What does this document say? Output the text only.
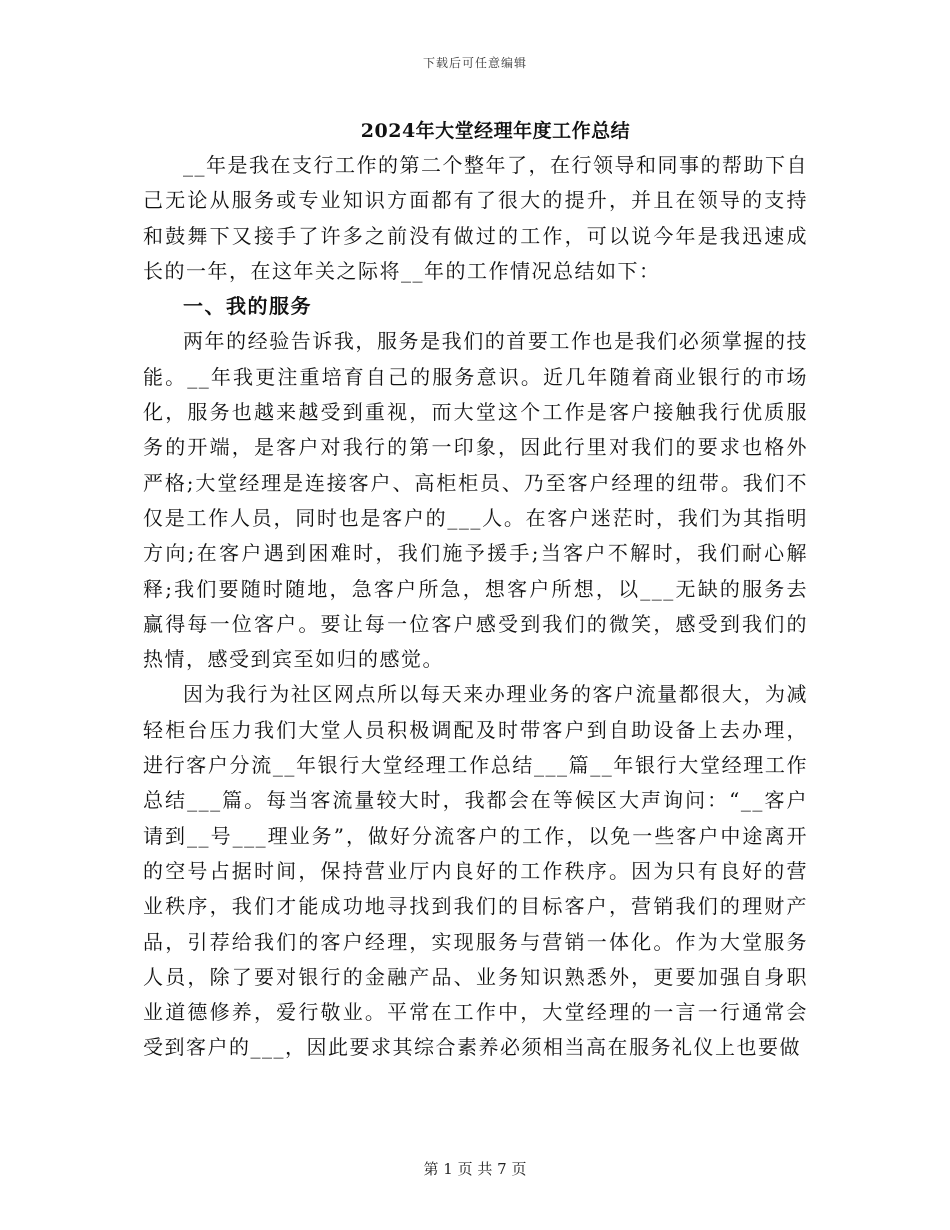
下载后可任意编辑
2024年大堂经理年度工作总结

__年是我在支行工作的第二个整年了，在行领导和同事的帮助下自己无论从服务或专业知识方面都有了很大的提升，并且在领导的支持和鼓舞下又接手了许多之前没有做过的工作，可以说今年是我迅速成长的一年，在这年关之际将__年的工作情况总结如下：

一、我的服务

两年的经验告诉我，服务是我们的首要工作也是我们必须掌握的技能。__年我更注重培育自己的服务意识。近几年随着商业银行的市场化，服务也越来越受到重视，而大堂这个工作是客户接触我行优质服务的开端，是客户对我行的第一印象，因此行里对我们的要求也格外严格;大堂经理是连接客户、高柜柜员、乃至客户经理的纽带。我们不仅是工作人员，同时也是客户的___人。在客户迷茫时，我们为其指明方向;在客户遇到困难时，我们施予援手;当客户不解时，我们耐心解释;我们要随时随地，急客户所急，想客户所想，以___无缺的服务去赢得每一位客户。要让每一位客户感受到我们的微笑，感受到我们的热情，感受到宾至如归的感觉。

因为我行为社区网点所以每天来办理业务的客户流量都很大，为减轻柜台压力我们大堂人员积极调配及时带客户到自助设备上去办理，进行客户分流__年银行大堂经理工作总结___篇__年银行大堂经理工作总结___篇。每当客流量较大时，我都会在等候区大声询问：“__客户请到__号___理业务”，做好分流客户的工作，以免一些客户中途离开的空号占据时间，保持营业厅内良好的工作秩序。因为只有良好的营业秩序，我们才能成功地寻找到我们的目标客户，营销我们的理财产品，引荐给我们的客户经理，实现服务与营销一体化。作为大堂服务人员，除了要对银行的金融产品、业务知识熟悉外，更要加强自身职业道德修养，爱行敬业。平常在工作中，大堂经理的一言一行通常会受到客户的___，因此要求其综合素养必须相当高在服务礼仪上也要做

第 1 页 共 7 页
